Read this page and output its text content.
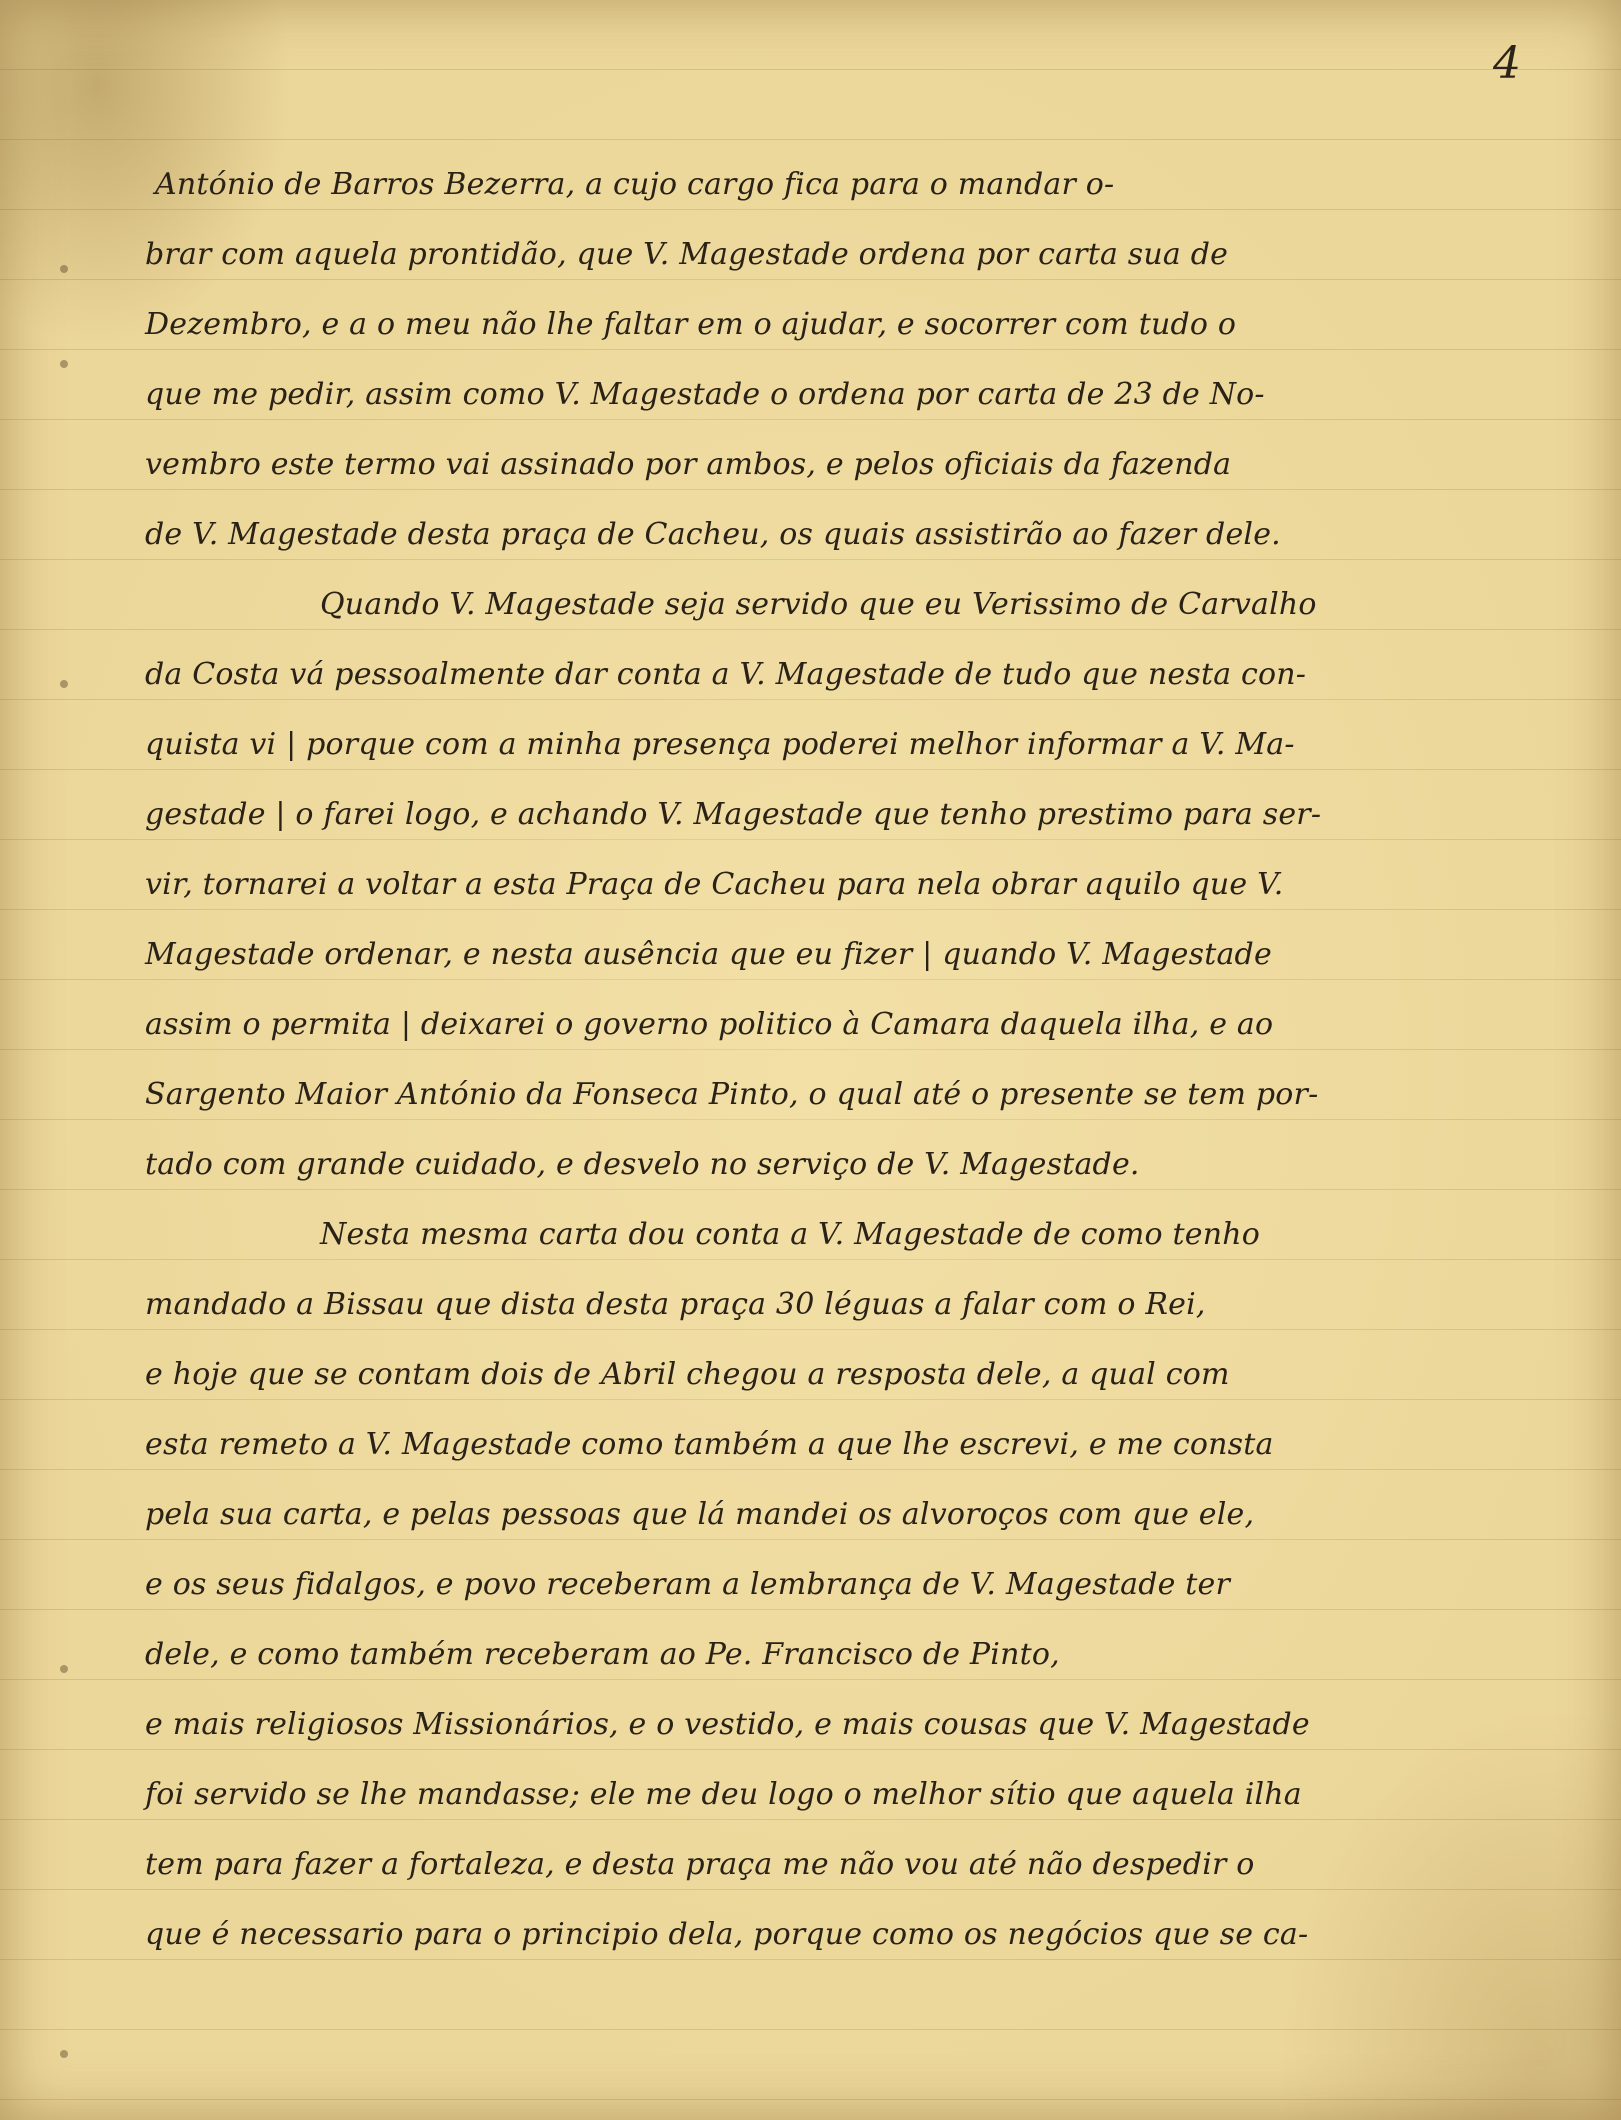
4
António de Barros Bezerra, a cujo cargo fica para o mandar o-
brar com aquela prontidão, que V. Magestade ordena por carta sua de
Dezembro, e a o meu não lhe faltar em o ajudar, e socorrer com tudo o
que me pedir, assim como V. Magestade o ordena por carta de 23 de No-
vembro este termo vai assinado por ambos, e pelos oficiais da fazenda
de V. Magestade desta praça de Cacheu, os quais assistirão ao fazer dele.
Quando V. Magestade seja servido que eu Verissimo de Carvalho
da Costa vá pessoalmente dar conta a V. Magestade de tudo que nesta con-
quista vi | porque com a minha presença poderei melhor informar a V. Ma-
gestade | o farei logo, e achando V. Magestade que tenho prestimo para ser-
vir, tornarei a voltar a esta Praça de Cacheu para nela obrar aquilo que V.
Magestade ordenar, e nesta ausência que eu fizer | quando V. Magestade
assim o permita | deixarei o governo politico à Camara daquela ilha, e ao
Sargento Maior António da Fonseca Pinto, o qual até o presente se tem por-
tado com grande cuidado, e desvelo no serviço de V. Magestade.
Nesta mesma carta dou conta a V. Magestade de como tenho
mandado a Bissau que dista desta praça 30 léguas a falar com o Rei,
e hoje que se contam dois de Abril chegou a resposta dele, a qual com
esta remeto a V. Magestade como também a que lhe escrevi, e me consta
pela sua carta, e pelas pessoas que lá mandei os alvoroços com que ele,
e os seus fidalgos, e povo receberam a lembrança de V. Magestade ter
dele, e como também receberam ao Pe. Francisco de Pinto,
e mais religiosos Missionários, e o vestido, e mais cousas que V. Magestade
foi servido se lhe mandasse; ele me deu logo o melhor sítio que aquela ilha
tem para fazer a fortaleza, e desta praça me não vou até não despedir o
que é necessario para o principio dela, porque como os negócios que se ca-
